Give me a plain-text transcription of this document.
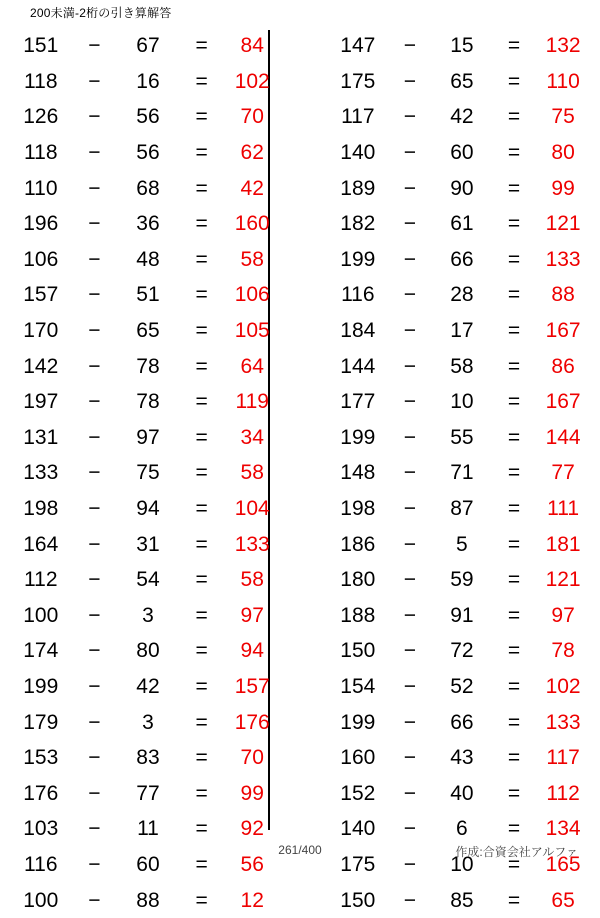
200未満-2桁の引き算解答
151	−	67	=	84
118	−	16	=	102
126	−	56	=	70
118	−	56	=	62
110	−	68	=	42
196	−	36	=	160
106	−	48	=	58
157	−	51	=	106
170	−	65	=	105
142	−	78	=	64
197	−	78	=	119
131	−	97	=	34
133	−	75	=	58
198	−	94	=	104
164	−	31	=	133
112	−	54	=	58
100	−	3	=	97
174	−	80	=	94
199	−	42	=	157
179	−	3	=	176
153	−	83	=	70
176	−	77	=	99
103	−	11	=	92
116	−	60	=	56
100	−	88	=	12
147	−	15	=	132
175	−	65	=	110
117	−	42	=	75
140	−	60	=	80
189	−	90	=	99
182	−	61	=	121
199	−	66	=	133
116	−	28	=	88
184	−	17	=	167
144	−	58	=	86
177	−	10	=	167
199	−	55	=	144
148	−	71	=	77
198	−	87	=	111
186	−	5	=	181
180	−	59	=	121
188	−	91	=	97
150	−	72	=	78
154	−	52	=	102
199	−	66	=	133
160	−	43	=	117
152	−	40	=	112
140	−	6	=	134
175	−	10	=	165
150	−	85	=	65
261/400	作成:合資会社アルファ
